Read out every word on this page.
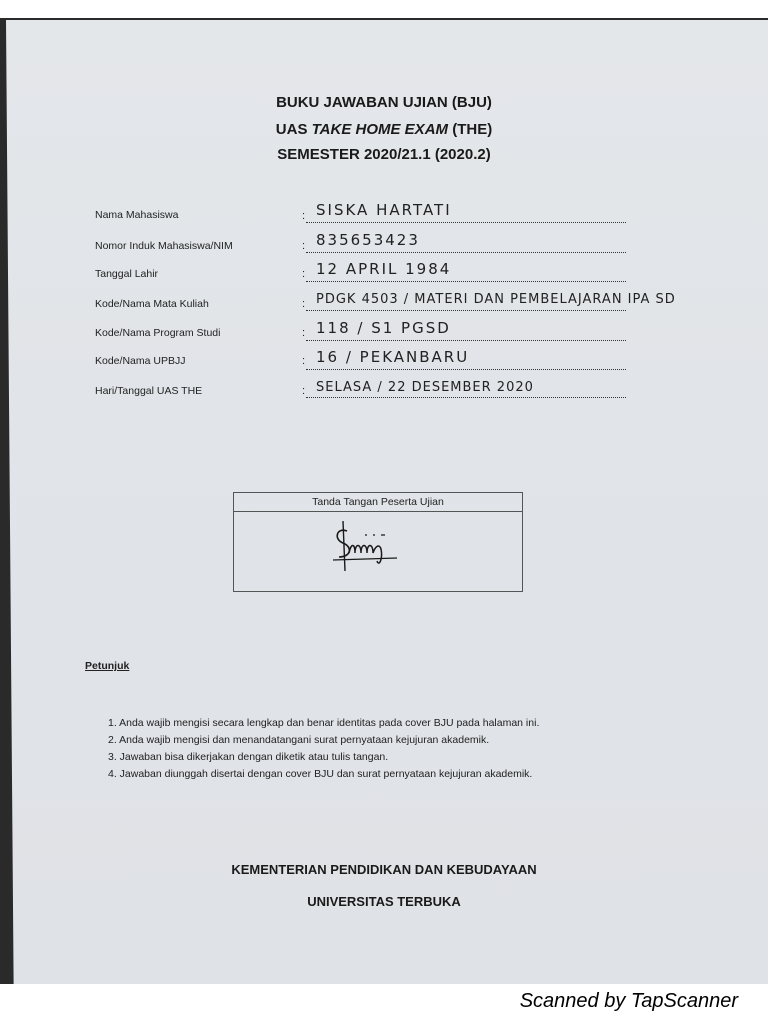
BUKU JAWABAN UJIAN (BJU)
UAS TAKE HOME EXAM (THE)
SEMESTER 2020/21.1 (2020.2)
Nama Mahasiswa	: SISKA HARTATI
Nomor Induk Mahasiswa/NIM	: 835653423
Tanggal Lahir	: 12 APRIL 1984
Kode/Nama Mata Kuliah	: PDGK 4503 / MATERI DAN PEMBELAJARAN IPA SD
Kode/Nama Program Studi	: 118 / S1 PGSD
Kode/Nama UPBJJ	: 16 / PEKANBARU
Hari/Tanggal UAS THE	: SELASA / 22 DESEMBER 2020
Tanda Tangan Peserta Ujian
Petunjuk
1. Anda wajib mengisi secara lengkap dan benar identitas pada cover BJU pada halaman ini.
2. Anda wajib mengisi dan menandatangani surat pernyataan kejujuran akademik.
3. Jawaban bisa dikerjakan dengan diketik atau tulis tangan.
4. Jawaban diunggah disertai dengan cover BJU dan surat pernyataan kejujuran akademik.
KEMENTERIAN PENDIDIKAN DAN KEBUDAYAAN
UNIVERSITAS TERBUKA
Scanned by TapScanner
